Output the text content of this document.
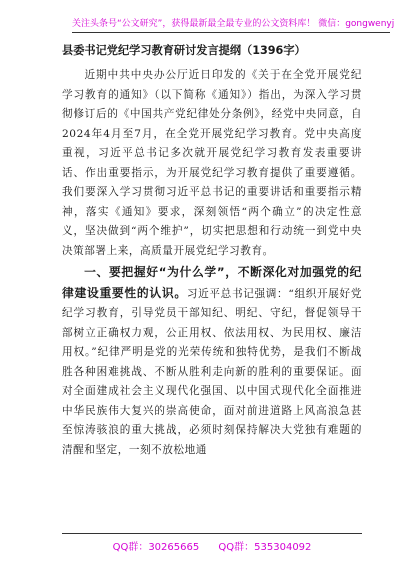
关注头条号“公文研究”，获得最新最全最专业的公文资料库！ 微信：gongwenyj
县委书记党纪学习教育研讨发言提纲（1396字）

近期中共中央办公厅近日印发的《关于在全党开展党纪学习教育的通知》（以下简称《通知》）指出，为深入学习贯彻修订后的《中国共产党纪律处分条例》，经党中央同意，自2024年4月至7月，在全党开展党纪学习教育。党中央高度重视，习近平总书记多次就开展党纪学习教育发表重要讲话、作出重要指示，为开展党纪学习教育提供了重要遵循。我们要深入学习贯彻习近平总书记的重要讲话和重要指示精神，落实《通知》要求，深刻领悟“两个确立”的决定性意义，坚决做到“两个维护”，切实把思想和行动统一到党中央决策部署上来，高质量开展党纪学习教育。

一、要把握好“为什么学”，不断深化对加强党的纪律建设重要性的认识。习近平总书记强调：“组织开展好党纪学习教育，引导党员干部知纪、明纪、守纪，督促领导干部树立正确权力观，公正用权、依法用权、为民用权、廉洁用权。”纪律严明是党的光荣传统和独特优势，是我们不断战胜各种困难挑战、不断从胜利走向新的胜利的重要保证。面对全面建成社会主义现代化强国、以中国式现代化全面推进中华民族伟大复兴的崇高使命，面对前进道路上风高浪急甚至惊涛骇浪的重大挑战，必须时刻保持解决大党独有难题的清醒和坚定，一刻不放松地通

QQ群：30265665 QQ群：535304092
